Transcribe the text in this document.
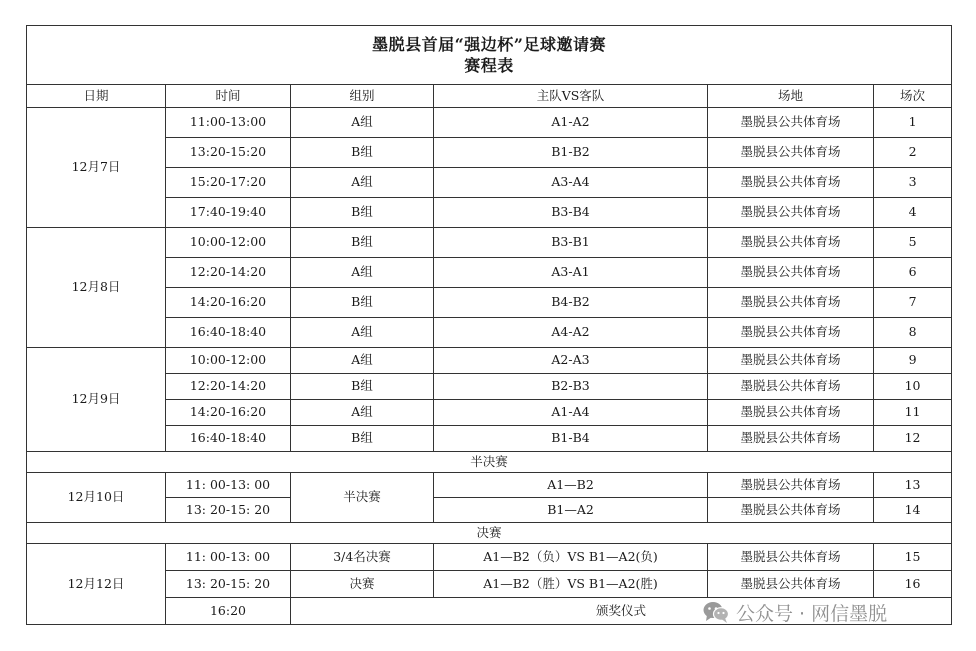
墨脱县首届“强边杯”足球邀请赛
赛程表					

日期	时间	组别	主队VS客队	场地	场次
12月7日	11:00-13:00	A组	A1-A2	墨脱县公共体育场	1
	13:20-15:20	B组	B1-B2	墨脱县公共体育场	2
	15:20-17:20	A组	A3-A4	墨脱县公共体育场	3
	17:40-19:40	B组	B3-B4	墨脱县公共体育场	4
12月8日	10:00-12:00	B组	B3-B1	墨脱县公共体育场	5
	12:20-14:20	A组	A3-A1	墨脱县公共体育场	6
	14:20-16:20	B组	B4-B2	墨脱县公共体育场	7
	16:40-18:40	A组	A4-A2	墨脱县公共体育场	8
12月9日	10:00-12:00	A组	A2-A3	墨脱县公共体育场	9
	12:20-14:20	B组	B2-B3	墨脱县公共体育场	10
	14:20-16:20	A组	A1-A4	墨脱县公共体育场	11
	16:40-18:40	B组	B1-B4	墨脱县公共体育场	12
半决赛					
12月10日	11: 00-13: 00	半决赛	A1—B2	墨脱县公共体育场	13
	13: 20-15: 20		B1—A2	墨脱县公共体育场	14
决赛					
12月12日	11: 00-13: 00	3/4名决赛	A1—B2（负）VS B1—A2(负)	墨脱县公共体育场	15
	13: 20-15: 20	决赛	A1—B2（胜）VS B1—A2(胜)	墨脱县公共体育场	16
	16:20	颁奖仪式				公众号 · 网信墨脱
